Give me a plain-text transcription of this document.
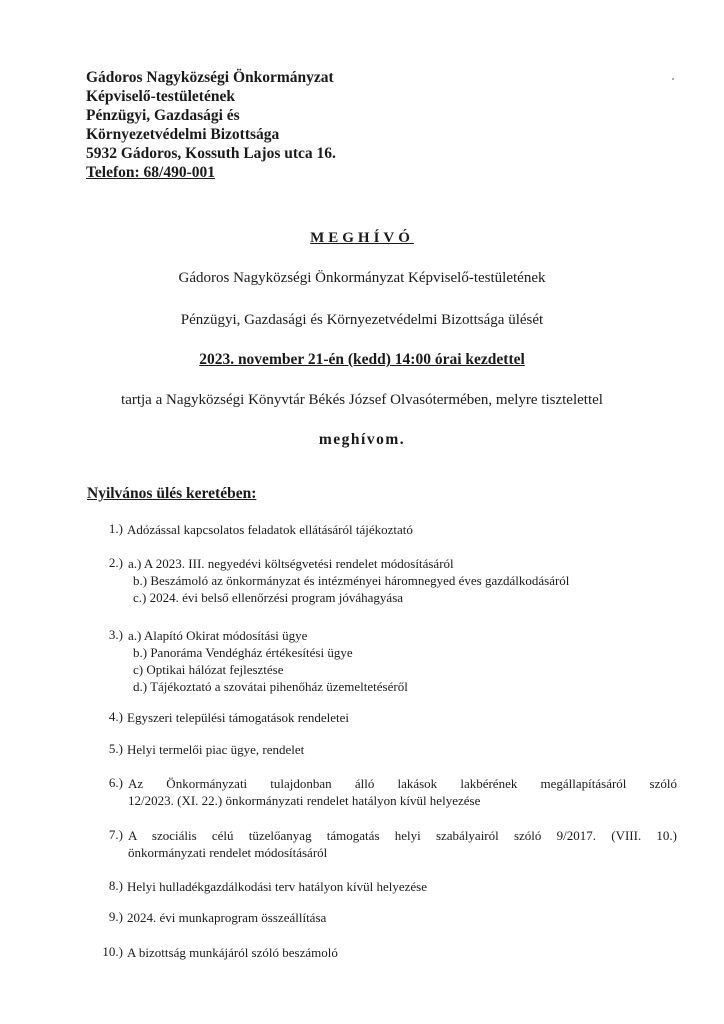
Gádoros Nagyközségi Önkormányzat
Képviselő-testületének
Pénzügyi, Gazdasági és
Környezetvédelmi Bizottsága
5932 Gádoros, Kossuth Lajos utca 16.
Telefon: 68/490-001
MEGHÍVÓ
Gádoros Nagyközségi Önkormányzat Képviselő-testületének
Pénzügyi, Gazdasági és Környezetvédelmi Bizottsága ülését
2023. november 21-én (kedd) 14:00 órai kezdettel
tartja a Nagyközségi Könyvtár Békés József Olvasótermében, melyre tisztelettel
meghívom.
Nyilvános ülés keretében:
1.) Adózással kapcsolatos feladatok ellátásáról tájékoztató
2.) a.) A 2023. III. negyedévi költségvetési rendelet módosításáról
b.) Beszámoló az önkormányzat és intézményei háromnegyed éves gazdálkodásáról
c.) 2024. évi belső ellenőrzési program jóváhagyása
3.) a.) Alapító Okirat módosítási ügye
b.) Panoráma Vendégház értékesítési ügye
c) Optikai hálózat fejlesztése
d.) Tájékoztató a szovátai pihenőház üzemeltetéséről
4.) Egyszeri települési támogatások rendeletei
5.) Helyi termelői piac ügye, rendelet
6.) Az Önkormányzati tulajdonban álló lakások lakbérének megállapításáról szóló
12/2023. (XI. 22.) önkormányzati rendelet hatályon kívül helyezése
7.) A szociális célú tüzelőanyag támogatás helyi szabályairól szóló 9/2017. (VIII. 10.)
önkormányzati rendelet módosításáról
8.) Helyi hulladékgazdálkodási terv hatályon kívül helyezése
9.) 2024. évi munkaprogram összeállítása
10.) A bizottság munkájáról szóló beszámoló
